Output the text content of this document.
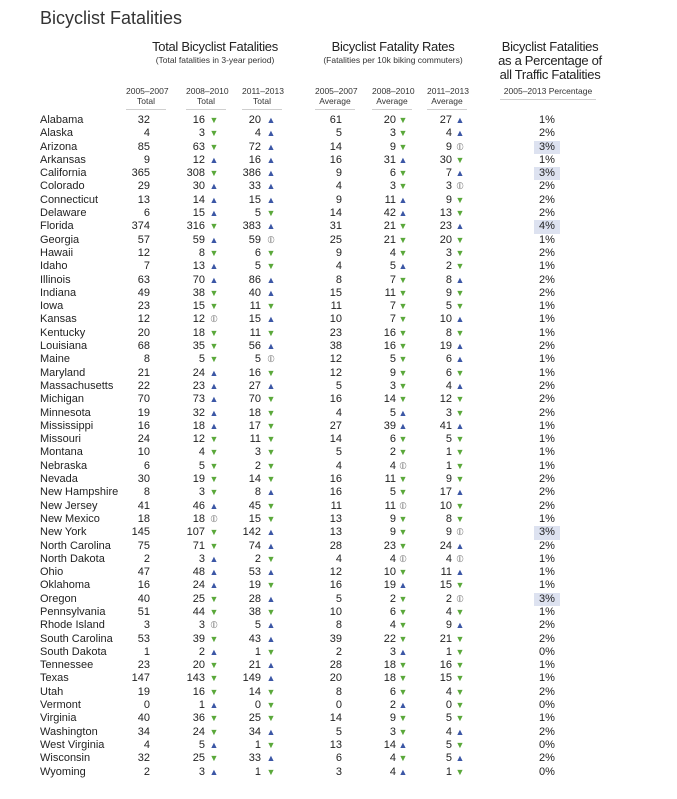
Bicyclist Fatalities
Total Bicyclist Fatalities
(Total fatalities in 3-year period)
Bicyclist Fatality Rates
(Fatalities per 10k biking commuters)
Bicyclist Fatalities
as a Percentage of
all Traffic Fatalities
2005–2007
Total
2008–2010
Total
2011–2013
Total
2005–2007
Average
2008–2010
Average
2011–2013
Average
2005–2013 Percentage
Alabama	32	16 ▼	20 ▲	61	20 ▼	27 ▲	1%
Alaska	4	3 ▼	4 ▲	5	3 ▼	4 ▲	2%
Arizona	85	63 ▼	72 ▲	14	9 ▼	9 ⦶	3%
Arkansas	9	12 ▲	16 ▲	16	31 ▲	30 ▼	1%
California	365	308 ▼	386 ▲	9	6 ▼	7 ▲	3%
Colorado	29	30 ▲	33 ▲	4	3 ▼	3 ⦶	2%
Connecticut	13	14 ▲	15 ▲	9	11 ▲	9 ▼	2%
Delaware	6	15 ▲	5 ▼	14	42 ▲	13 ▼	2%
Florida	374	316 ▼	383 ▲	31	21 ▼	23 ▲	4%
Georgia	57	59 ▲	59 ⦶	25	21 ▼	20 ▼	1%
Hawaii	12	8 ▼	6 ▼	9	4 ▼	3 ▼	2%
Idaho	7	13 ▲	5 ▼	4	5 ▲	2 ▼	1%
Illinois	63	70 ▲	86 ▲	8	7 ▼	8 ▲	2%
Indiana	49	38 ▼	40 ▲	15	11 ▼	9 ▼	2%
Iowa	23	15 ▼	11 ▼	11	7 ▼	5 ▼	1%
Kansas	12	12 ⦶	15 ▲	10	7 ▼	10 ▲	1%
Kentucky	20	18 ▼	11 ▼	23	16 ▼	8 ▼	1%
Louisiana	68	35 ▼	56 ▲	38	16 ▼	19 ▲	2%
Maine	8	5 ▼	5 ⦶	12	5 ▼	6 ▲	1%
Maryland	21	24 ▲	16 ▼	12	9 ▼	6 ▼	1%
Massachusetts	22	23 ▲	27 ▲	5	3 ▼	4 ▲	2%
Michigan	70	73 ▲	70 ▼	16	14 ▼	12 ▼	2%
Minnesota	19	32 ▲	18 ▼	4	5 ▲	3 ▼	2%
Mississippi	16	18 ▲	17 ▼	27	39 ▲	41 ▲	1%
Missouri	24	12 ▼	11 ▼	14	6 ▼	5 ▼	1%
Montana	10	4 ▼	3 ▼	5	2 ▼	1 ▼	1%
Nebraska	6	5 ▼	2 ▼	4	4 ⦶	1 ▼	1%
Nevada	30	19 ▼	14 ▼	16	11 ▼	9 ▼	2%
New Hampshire	8	3 ▼	8 ▲	16	5 ▼	17 ▲	2%
New Jersey	41	46 ▲	45 ▼	11	11 ⦶	10 ▼	2%
New Mexico	18	18 ⦶	15 ▼	13	9 ▼	8 ▼	1%
New York	145	107 ▼	142 ▲	13	9 ▼	9 ⦶	3%
North Carolina	75	71 ▼	74 ▲	28	23 ▼	24 ▲	2%
North Dakota	2	3 ▲	2 ▼	4	4 ⦶	4 ⦶	1%
Ohio	47	48 ▲	53 ▲	12	10 ▼	11 ▲	1%
Oklahoma	16	24 ▲	19 ▼	16	19 ▲	15 ▼	1%
Oregon	40	25 ▼	28 ▲	5	2 ▼	2 ⦶	3%
Pennsylvania	51	44 ▼	38 ▼	10	6 ▼	4 ▼	1%
Rhode Island	3	3 ⦶	5 ▲	8	4 ▼	9 ▲	2%
South Carolina	53	39 ▼	43 ▲	39	22 ▼	21 ▼	2%
South Dakota	1	2 ▲	1 ▼	2	3 ▲	1 ▼	0%
Tennessee	23	20 ▼	21 ▲	28	18 ▼	16 ▼	1%
Texas	147	143 ▼	149 ▲	20	18 ▼	15 ▼	1%
Utah	19	16 ▼	14 ▼	8	6 ▼	4 ▼	2%
Vermont	0	1 ▲	0 ▼	0	2 ▲	0 ▼	0%
Virginia	40	36 ▼	25 ▼	14	9 ▼	5 ▼	1%
Washington	34	24 ▼	34 ▲	5	3 ▼	4 ▲	2%
West Virginia	4	5 ▲	1 ▼	13	14 ▲	5 ▼	0%
Wisconsin	32	25 ▼	33 ▲	6	4 ▼	5 ▲	2%
Wyoming	2	3 ▲	1 ▼	3	4 ▲	1 ▼	0%
